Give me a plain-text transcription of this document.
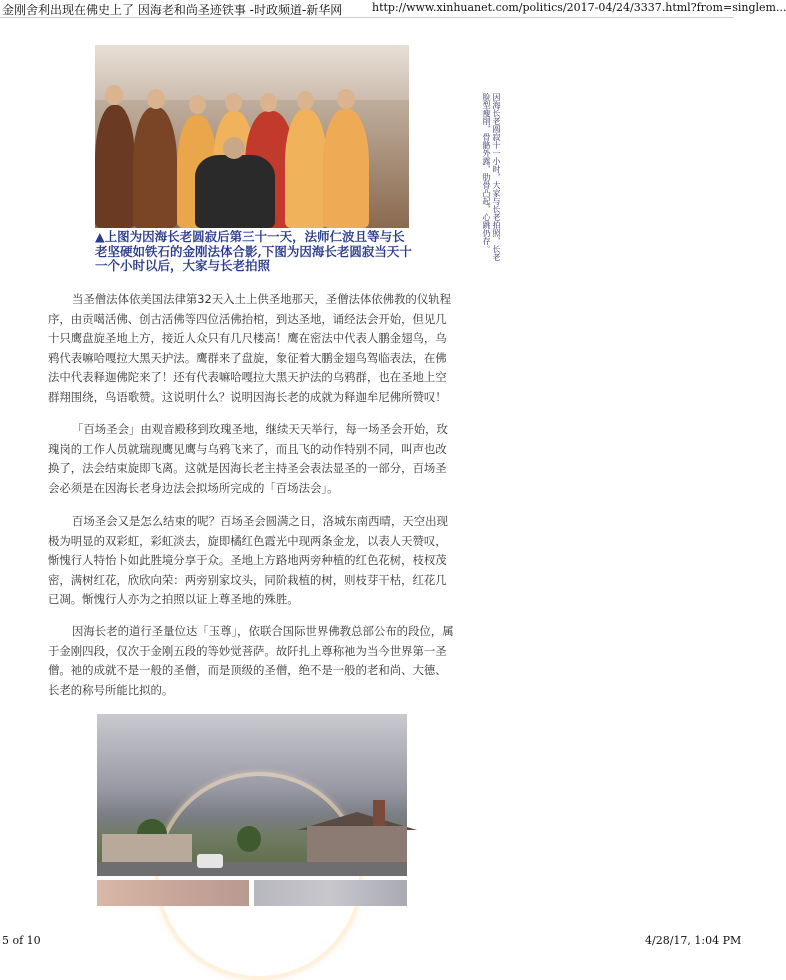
金刚舍利出现在佛史上了 因海老和尚圣迹铁事 -时政频道-新华网	http://www.xinhuanet.com/politics/2017-04/24/3337.html?from=singlem...
因海长老圆寂十一小时，大家与长老拍照，长老脸型瘦削，骨骼外露，肋骨凸起，心跳仍存。
▲上图为因海长老圆寂后第三十一天，法师仁波且等与长老坚硬如铁石的金刚法体合影,下图为因海长老圆寂当天十一个小时以后，大家与长老拍照

当圣僧法体依美国法律第32天入土上供圣地那天，圣僧法体依佛教的仪轨程序，由贡噶活佛、创古活佛等四位活佛抬棺，到达圣地，诵经法会开始，但见几十只鹰盘旋圣地上方，接近人众只有几尺楼高！鹰在密法中代表人鹏金翅鸟，乌鸦代表嘛哈嘎拉大黑天护法。鹰群来了盘旋，象征着大鹏金翅鸟驾临表法，在佛法中代表释迦佛陀来了！还有代表嘛哈嘎拉大黑天护法的乌鸦群，也在圣地上空群翔围绕，鸟语歌赞。这说明什么？说明因海长老的成就为释迦牟尼佛所赞叹！

「百场圣会」由观音殿移到玫瑰圣地，继续天天举行，每一场圣会开始，玫瑰岗的工作人员就瑞现鹰见鹰与乌鸦飞来了，而且飞的动作特别不同，叫声也改换了，法会结束旋即飞离。这就是因海长老主持圣会表法显圣的一部分，百场圣会必须是在因海长老身边法会拟场所完成的「百场法会」。

百场圣会又是怎么结束的呢？百场圣会圆满之日，洛城东南西晴，天空出现极为明显的双彩虹，彩虹淡去，旋即橘红色霞光中现两条金龙，以表人天赞叹，惭愧行人特怡卜如此胜境分享于众。圣地上方路地两旁种植的红色花树，枝杈茂密，满树红花，欣欣向荣：两旁别家坟头，同阶栽植的树，则枝芽干枯，红花几已凋。惭愧行人亦为之拍照以证上尊圣地的殊胜。

因海长老的道行圣量位达「玉尊」，依联合国际世界佛教总部公布的段位，属于金刚四段，仅次于金刚五段的等妙觉菩萨。故阡扎上尊称祂为当今世界第一圣僧。祂的成就不是一般的圣僧，而是顶级的圣僧，绝不是一般的老和尚、大德、长老的称号所能比拟的。

5 of 10	4/28/17, 1:04 PM
